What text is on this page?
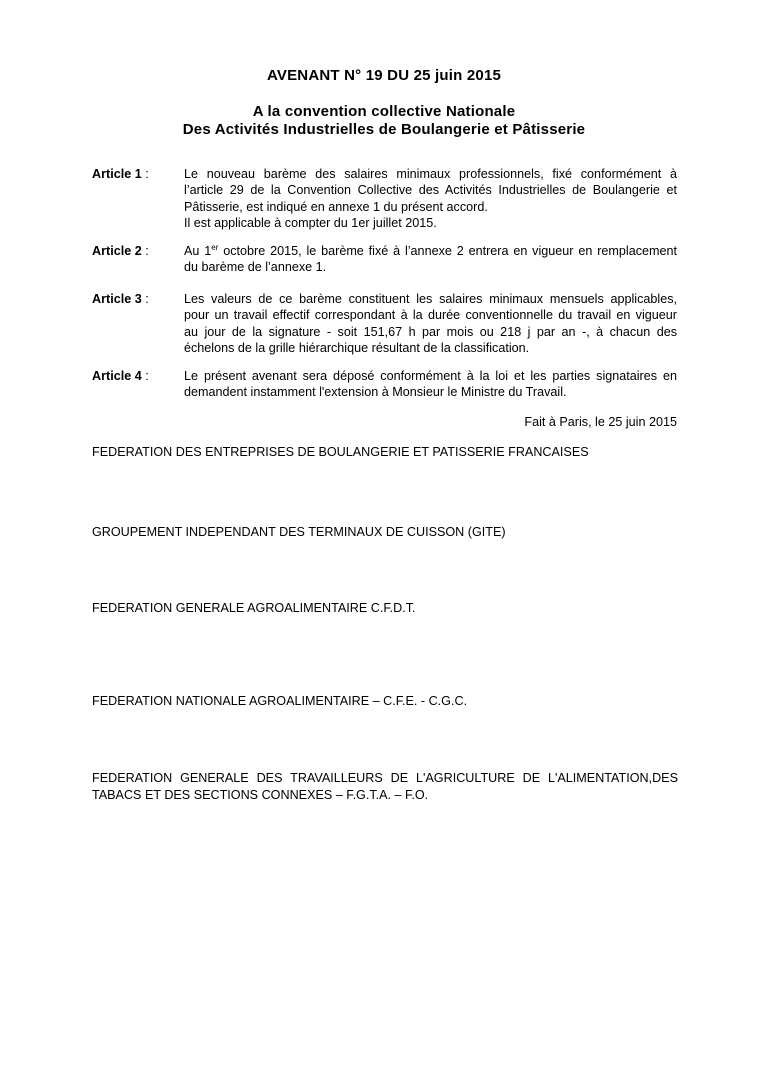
AVENANT N° 19 DU 25 juin 2015
A la convention collective Nationale
Des Activités Industrielles de Boulangerie et Pâtisserie
Article 1 :	Le nouveau barème des salaires minimaux professionnels, fixé conformément à
l’article 29 de la Convention Collective des Activités Industrielles de Boulangerie et
Pâtisserie, est indiqué en annexe 1 du présent accord.
Il est applicable à compter du 1er juillet 2015.
Article 2 :	Au 1er octobre 2015, le barème fixé à l’annexe 2 entrera en vigueur en remplacement
du barème de l’annexe 1.
Article 3 :	Les valeurs de ce barème constituent les salaires minimaux mensuels applicables,
pour un travail effectif correspondant à la durée conventionnelle du travail en vigueur
au jour de la signature - soit 151,67 h par mois ou 218 j par an -, à chacun des
échelons de la grille hiérarchique résultant de la classification.
Article 4 :	Le présent avenant sera déposé conformément à la loi et les parties signataires en
demandent instamment l'extension à Monsieur le Ministre du Travail.
Fait à Paris, le 25 juin 2015
FEDERATION DES ENTREPRISES DE BOULANGERIE ET PATISSERIE FRANCAISES
GROUPEMENT INDEPENDANT DES TERMINAUX DE CUISSON (GITE)
FEDERATION GENERALE AGROALIMENTAIRE C.F.D.T.
FEDERATION NATIONALE AGROALIMENTAIRE – C.F.E. - C.G.C.
FEDERATION GENERALE DES TRAVAILLEURS DE L'AGRICULTURE DE L'ALIMENTATION,DES
TABACS ET DES SECTIONS CONNEXES – F.G.T.A. – F.O.
